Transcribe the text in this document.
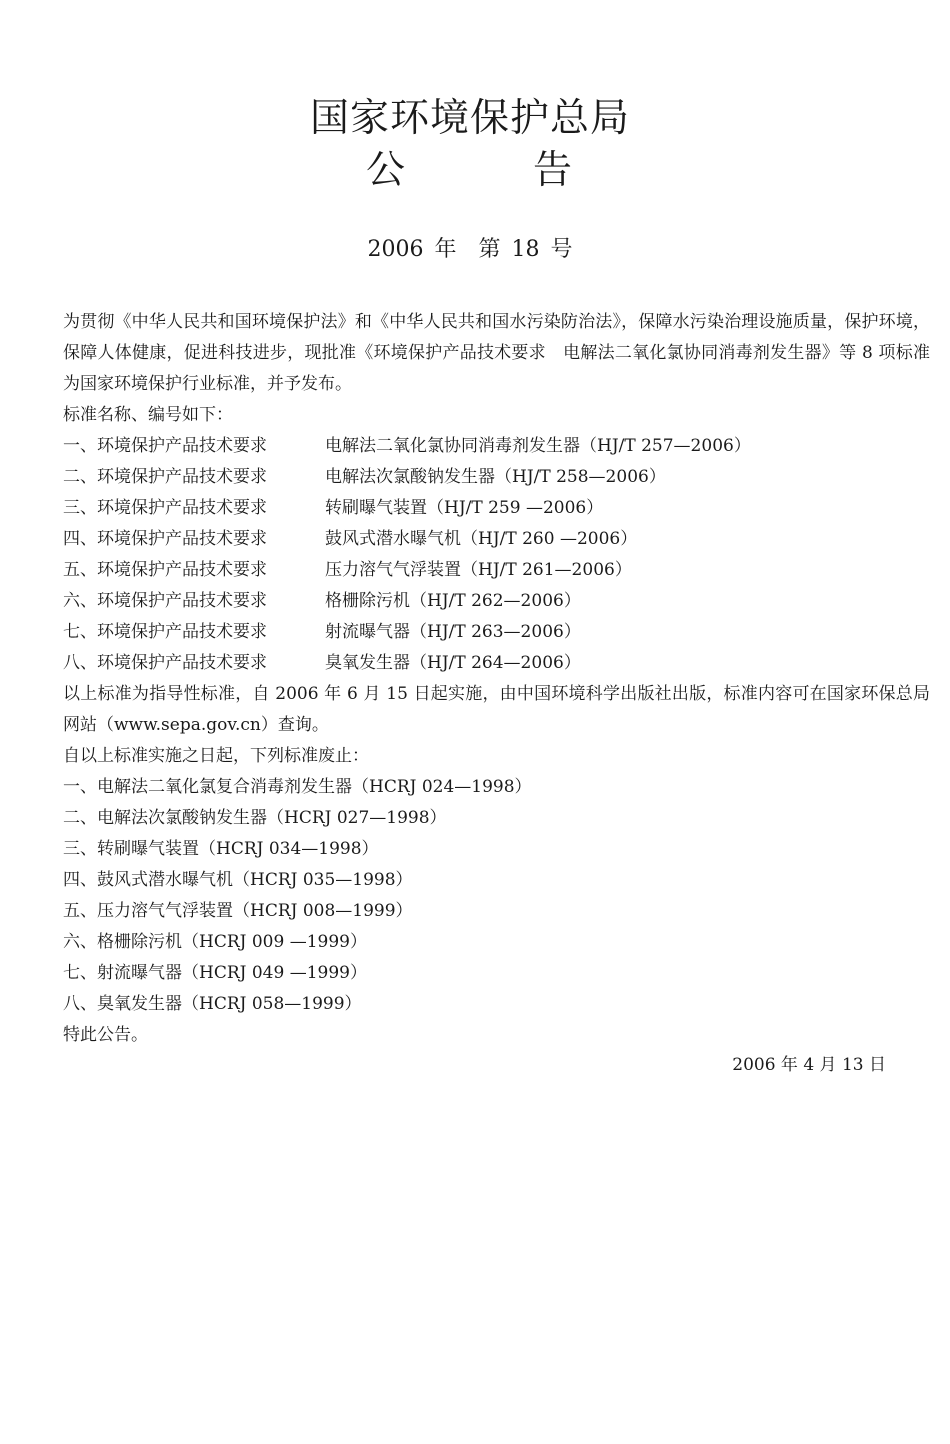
国家环境保护总局
公	告
2006 年　第 18 号

为贯彻《中华人民共和国环境保护法》和《中华人民共和国水污染防治法》，保障水污染治理设施质量，保护环境，保障人体健康，促进科技进步，现批准《环境保护产品技术要求　电解法二氧化氯协同消毒剂发生器》等 8 项标准为国家环境保护行业标准，并予发布。

标准名称、编号如下：

一、环境保护产品技术要求	电解法二氧化氯协同消毒剂发生器（HJ/T 257—2006）

二、环境保护产品技术要求	电解法次氯酸钠发生器（HJ/T 258—2006）

三、环境保护产品技术要求	转刷曝气装置（HJ/T 259 —2006）

四、环境保护产品技术要求	鼓风式潜水曝气机（HJ/T 260 —2006）

五、环境保护产品技术要求	压力溶气气浮装置（HJ/T 261—2006）

六、环境保护产品技术要求	格栅除污机（HJ/T 262—2006）

七、环境保护产品技术要求	射流曝气器（HJ/T 263—2006）

八、环境保护产品技术要求	臭氧发生器（HJ/T 264—2006）

以上标准为指导性标准，自 2006 年 6 月 15 日起实施，由中国环境科学出版社出版，标准内容可在国家环保总局网站（www.sepa.gov.cn）查询。

自以上标准实施之日起，下列标准废止：

一、电解法二氧化氯复合消毒剂发生器（HCRJ 024—1998）

二、电解法次氯酸钠发生器（HCRJ 027—1998）

三、转刷曝气装置（HCRJ 034—1998）

四、鼓风式潜水曝气机（HCRJ 035—1998）

五、压力溶气气浮装置（HCRJ 008—1999）

六、格栅除污机（HCRJ 009 —1999）

七、射流曝气器（HCRJ 049 —1999）

八、臭氧发生器（HCRJ 058—1999）

特此公告。

2006 年 4 月 13 日
